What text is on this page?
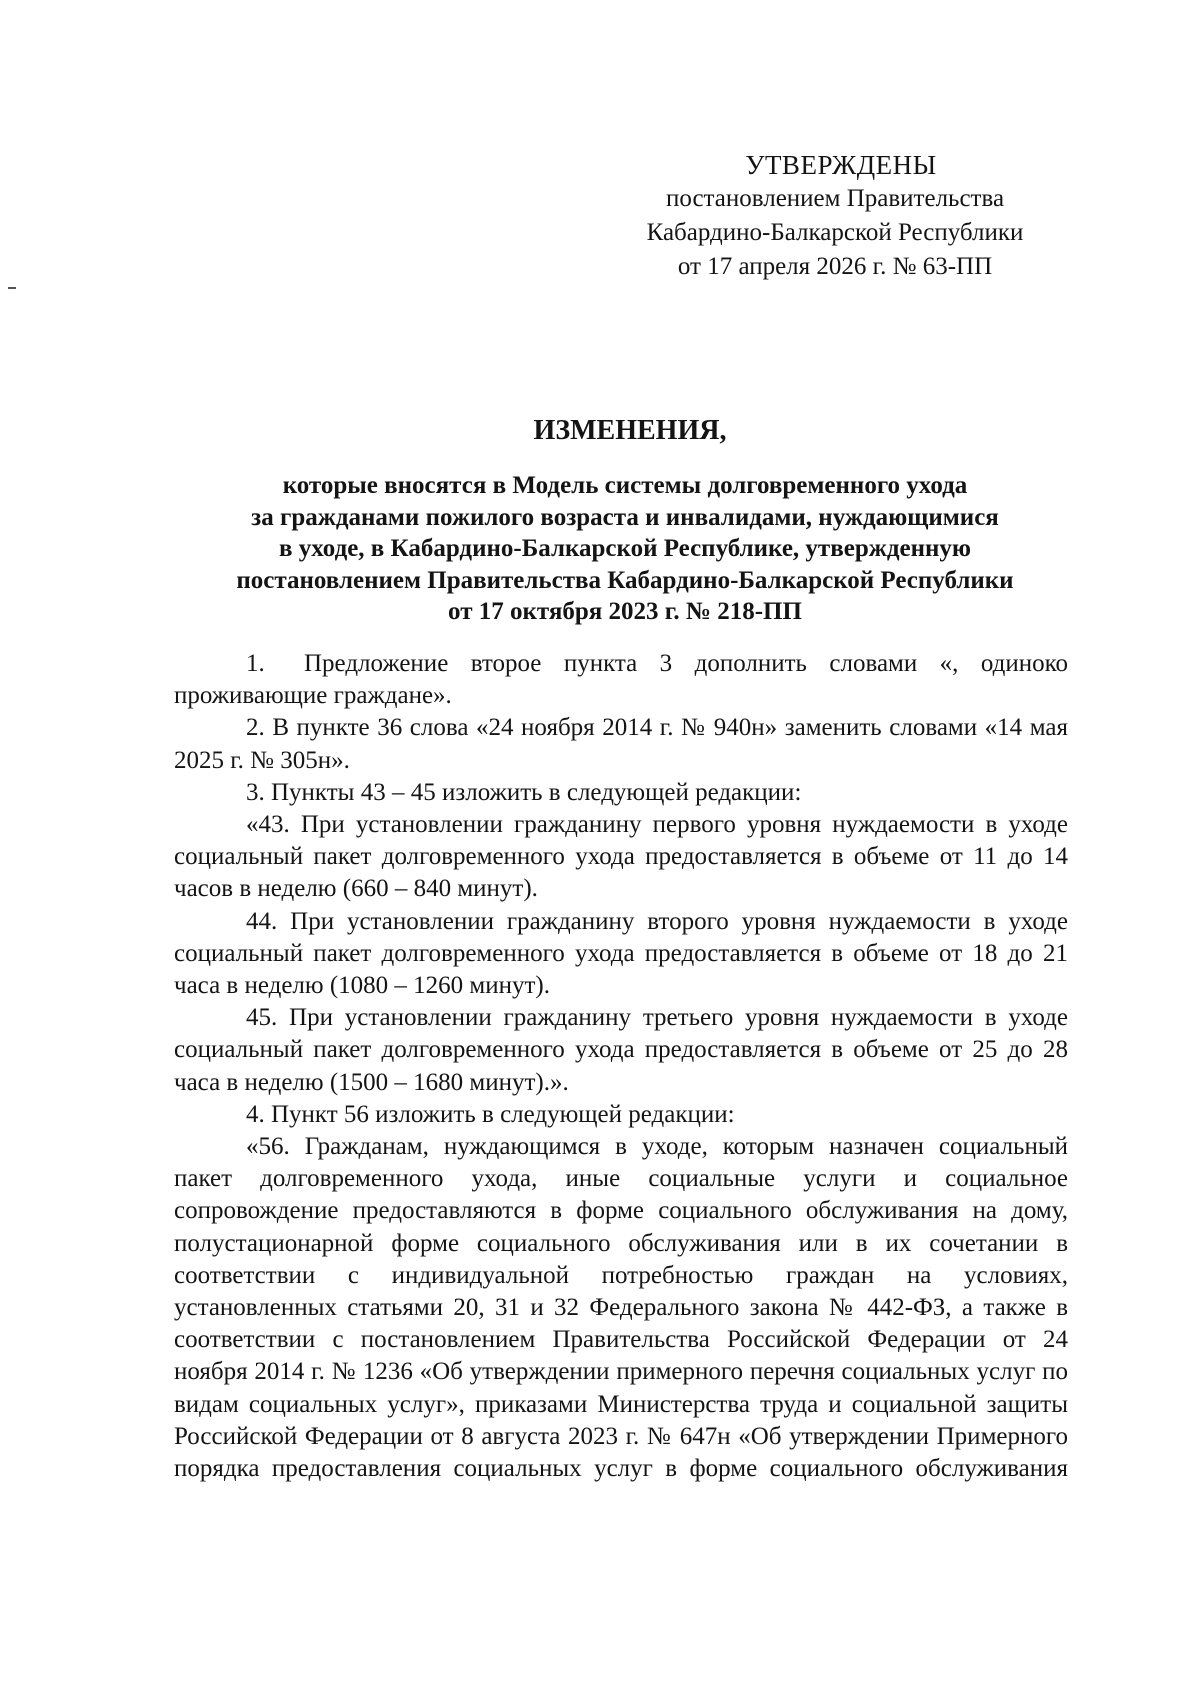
УТВЕРЖДЕНЫ
постановлением Правительства
Кабардино-Балкарской Республики
от 17 апреля 2026 г. № 63-ПП
ИЗМЕНЕНИЯ,
которые вносятся в Модель системы долговременного ухода
за гражданами пожилого возраста и инвалидами, нуждающимися
в уходе, в Кабардино-Балкарской Республике, утвержденную
постановлением Правительства Кабардино-Балкарской Республики
от 17 октября 2023 г. № 218-ПП

1. Предложение второе пункта 3 дополнить словами «, одиноко проживающие граждане».

2. В пункте 36 слова «24 ноября 2014 г. № 940н» заменить словами «14 мая 2025 г. № 305н».

3. Пункты 43 – 45 изложить в следующей редакции:

«43. При установлении гражданину первого уровня нуждаемости в уходе социальный пакет долговременного ухода предоставляется в объеме от 11 до 14 часов в неделю (660 – 840 минут).

44. При установлении гражданину второго уровня нуждаемости в уходе социальный пакет долговременного ухода предоставляется в объеме от 18 до 21 часа в неделю (1080 – 1260 минут).

45. При установлении гражданину третьего уровня нуждаемости в уходе социальный пакет долговременного ухода предоставляется в объеме от 25 до 28 часа в неделю (1500 – 1680 минут).».

4. Пункт 56 изложить в следующей редакции:

«56. Гражданам, нуждающимся в уходе, которым назначен социальный пакет долговременного ухода, иные социальные услуги и социальное сопровождение предоставляются в форме социального обслуживания на дому, полустационарной форме социального обслуживания или в их сочетании в соответствии с индивидуальной потребностью граждан на условиях, установленных статьями 20, 31 и 32 Федерального закона № 442-ФЗ, а также в соответствии с постановлением Правительства Российской Федерации от 24 ноября 2014 г. № 1236 «Об утверждении примерного перечня социальных услуг по видам социальных услуг», приказами Министерства труда и социальной защиты Российской Федерации от 8 августа 2023 г. № 647н «Об утверждении Примерного порядка предоставления социальных услуг в форме социального обслуживания
